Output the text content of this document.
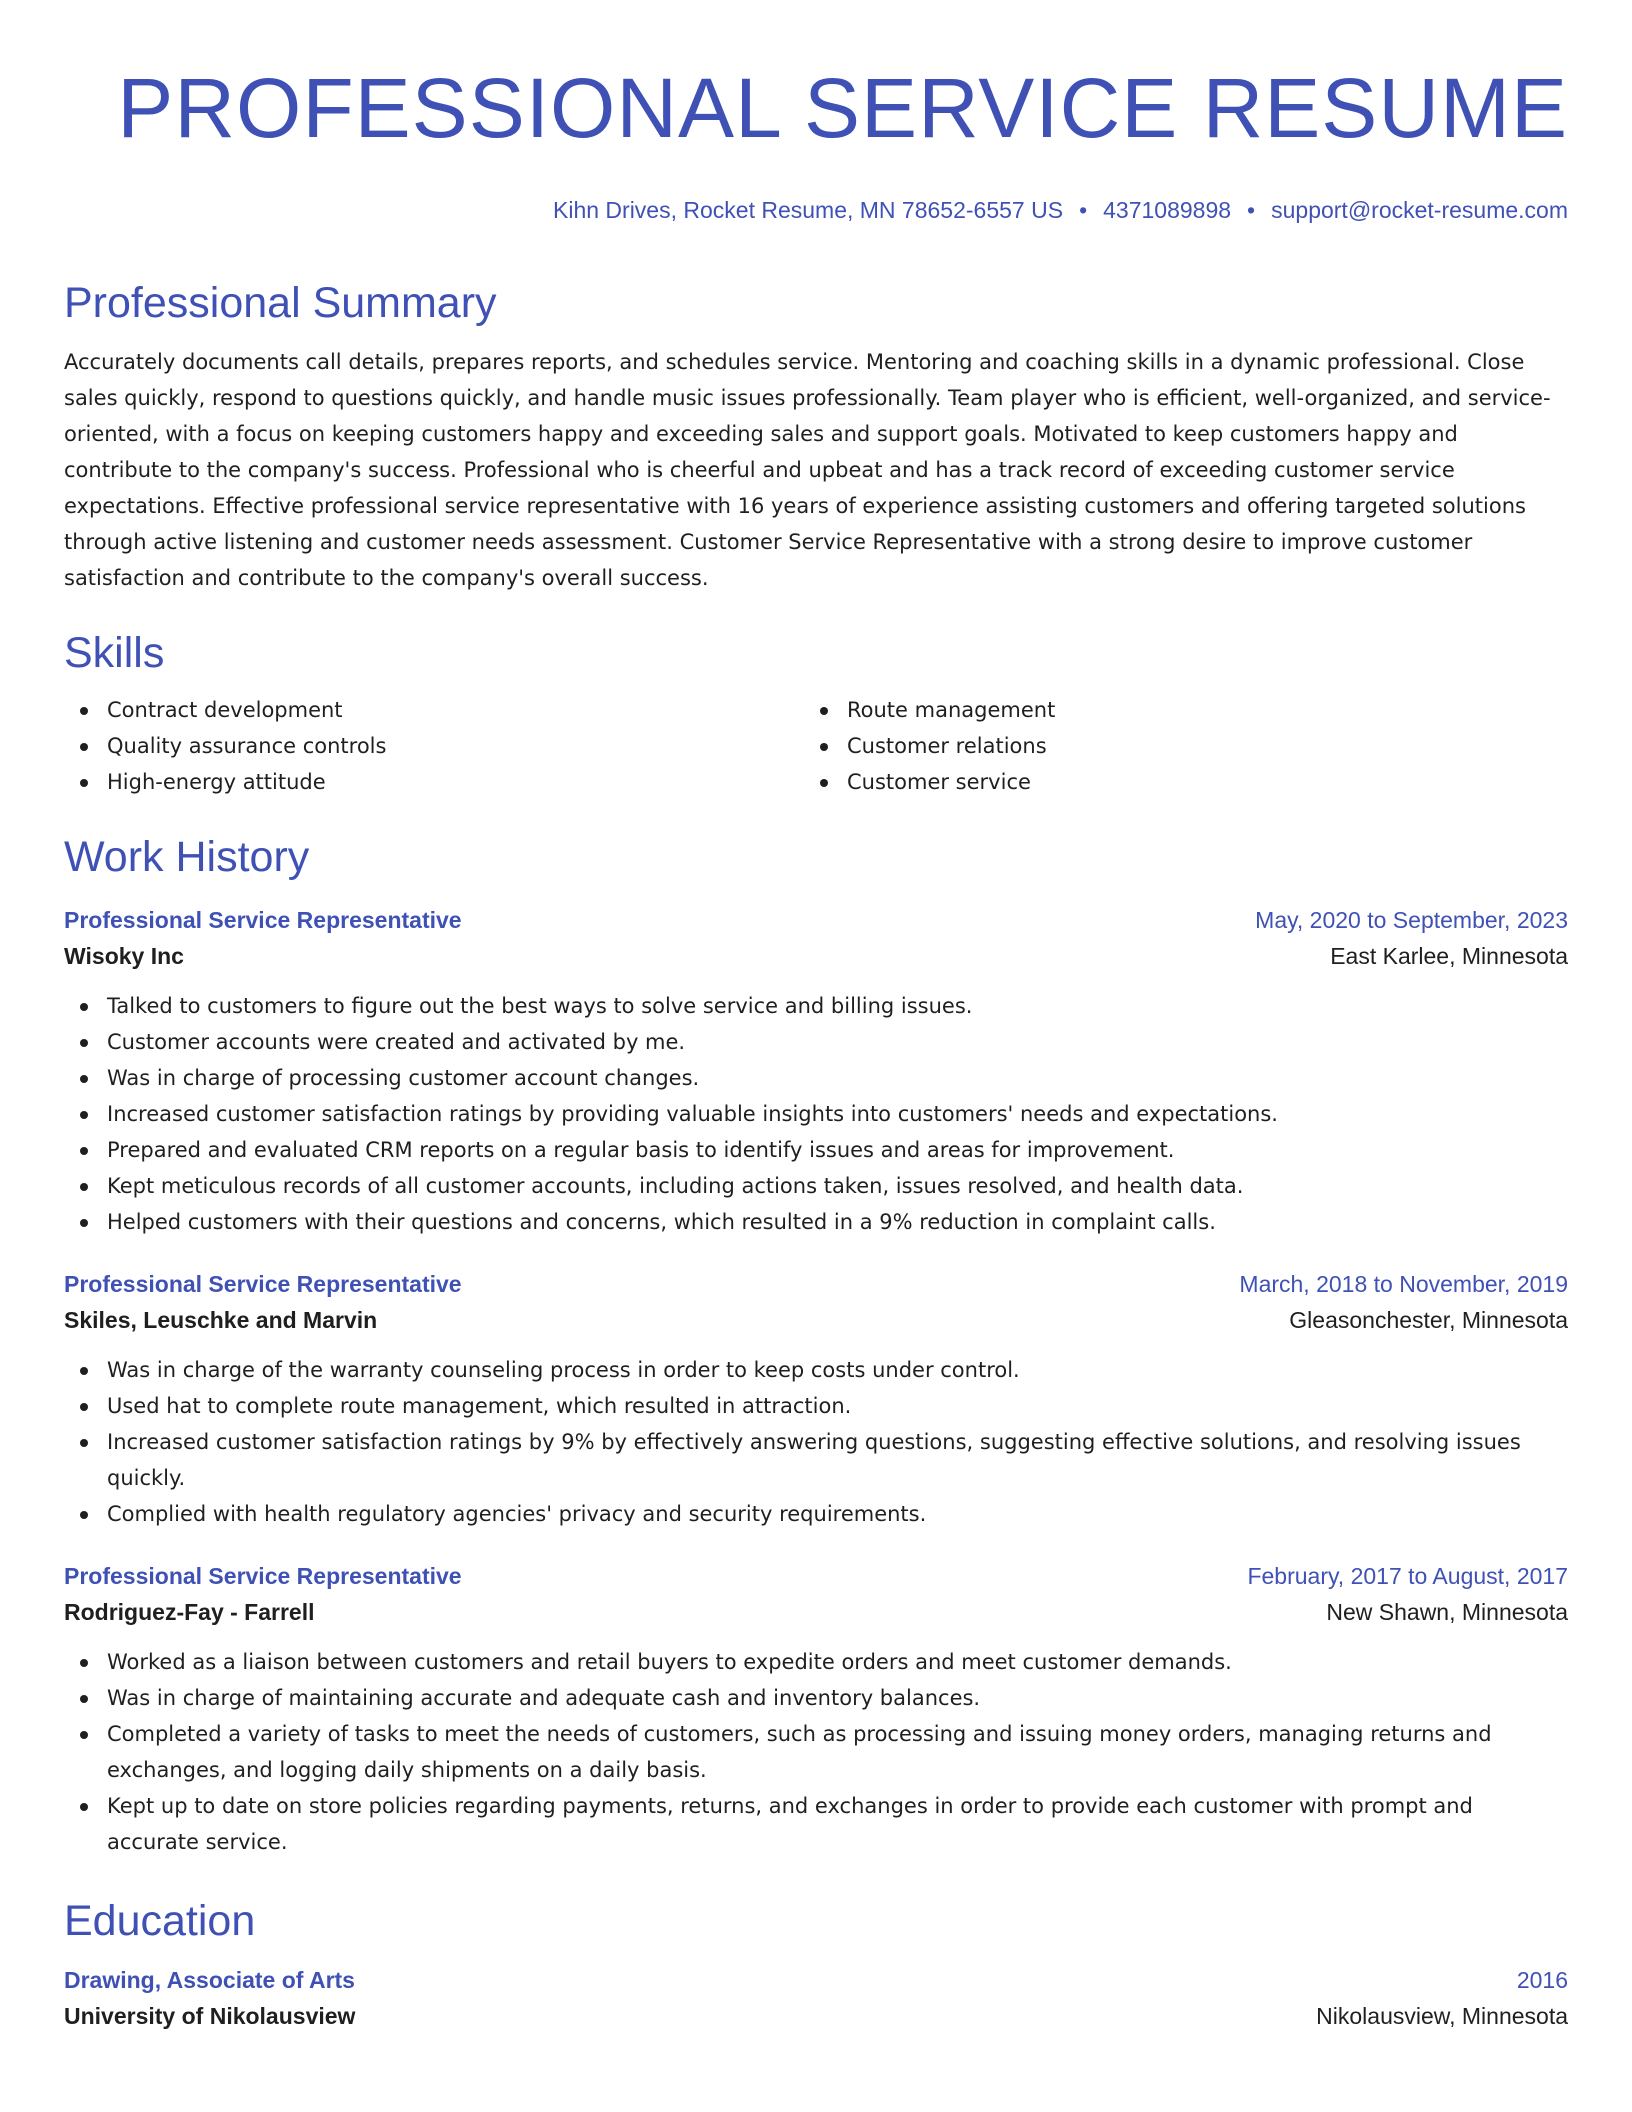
PROFESSIONAL SERVICE RESUME
Kihn Drives, Rocket Resume, MN 78652-6557 US • 4371089898 • support@rocket-resume.com
Professional Summary

Accurately documents call details, prepares reports, and schedules service. Mentoring and coaching skills in a dynamic professional. Close sales quickly, respond to questions quickly, and handle music issues professionally. Team player who is efficient, well-organized, and service-oriented, with a focus on keeping customers happy and exceeding sales and support goals. Motivated to keep customers happy and contribute to the company's success. Professional who is cheerful and upbeat and has a track record of exceeding customer service expectations. Effective professional service representative with 16 years of experience assisting customers and offering targeted solutions through active listening and customer needs assessment. Customer Service Representative with a strong desire to improve customer satisfaction and contribute to the company's overall success.

Skills
Contract development
Quality assurance controls
High-energy attitude
Route management
Customer relations
Customer service
Work History
Professional Service Representative	May, 2020 to September, 2023
Wisoky Inc	East Karlee, Minnesota
Talked to customers to figure out the best ways to solve service and billing issues.
Customer accounts were created and activated by me.
Was in charge of processing customer account changes.
Increased customer satisfaction ratings by providing valuable insights into customers' needs and expectations.
Prepared and evaluated CRM reports on a regular basis to identify issues and areas for improvement.
Kept meticulous records of all customer accounts, including actions taken, issues resolved, and health data.
Helped customers with their questions and concerns, which resulted in a 9% reduction in complaint calls.
Professional Service Representative	March, 2018 to November, 2019
Skiles, Leuschke and Marvin	Gleasonchester, Minnesota
Was in charge of the warranty counseling process in order to keep costs under control.
Used hat to complete route management, which resulted in attraction.
Increased customer satisfaction ratings by 9% by effectively answering questions, suggesting effective solutions, and resolving issues quickly.
Complied with health regulatory agencies' privacy and security requirements.
Professional Service Representative	February, 2017 to August, 2017
Rodriguez-Fay - Farrell	New Shawn, Minnesota
Worked as a liaison between customers and retail buyers to expedite orders and meet customer demands.
Was in charge of maintaining accurate and adequate cash and inventory balances.
Completed a variety of tasks to meet the needs of customers, such as processing and issuing money orders, managing returns and exchanges, and logging daily shipments on a daily basis.
Kept up to date on store policies regarding payments, returns, and exchanges in order to provide each customer with prompt and accurate service.
Education
Drawing, Associate of Arts	2016
University of Nikolausview	Nikolausview, Minnesota
